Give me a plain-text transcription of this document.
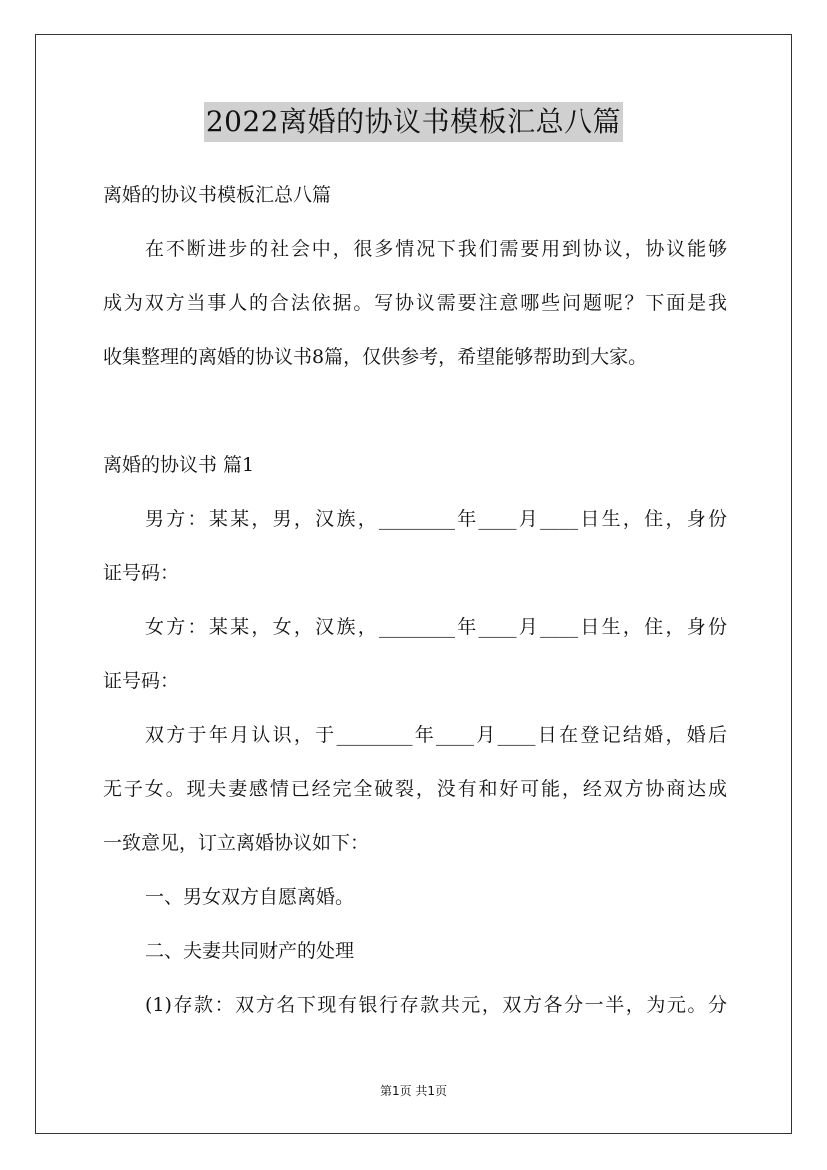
2022离婚的协议书模板汇总八篇
离婚的协议书模板汇总八篇
在不断进步的社会中，很多情况下我们需要用到协议，协议能够
成为双方当事人的合法依据。写协议需要注意哪些问题呢？下面是我
收集整理的离婚的协议书8篇，仅供参考，希望能够帮助到大家。
离婚的协议书 篇1
男方：某某，男，汉族，________年____月____日生，住，身份
证号码：
女方：某某，女，汉族，________年____月____日生，住，身份
证号码：
双方于年月认识，于________年____月____日在登记结婚，婚后
无子女。现夫妻感情已经完全破裂，没有和好可能，经双方协商达成
一致意见，订立离婚协议如下：
一、男女双方自愿离婚。
二、夫妻共同财产的处理
(1)存款：双方名下现有银行存款共元，双方各分一半，为元。分
第1页 共1页
